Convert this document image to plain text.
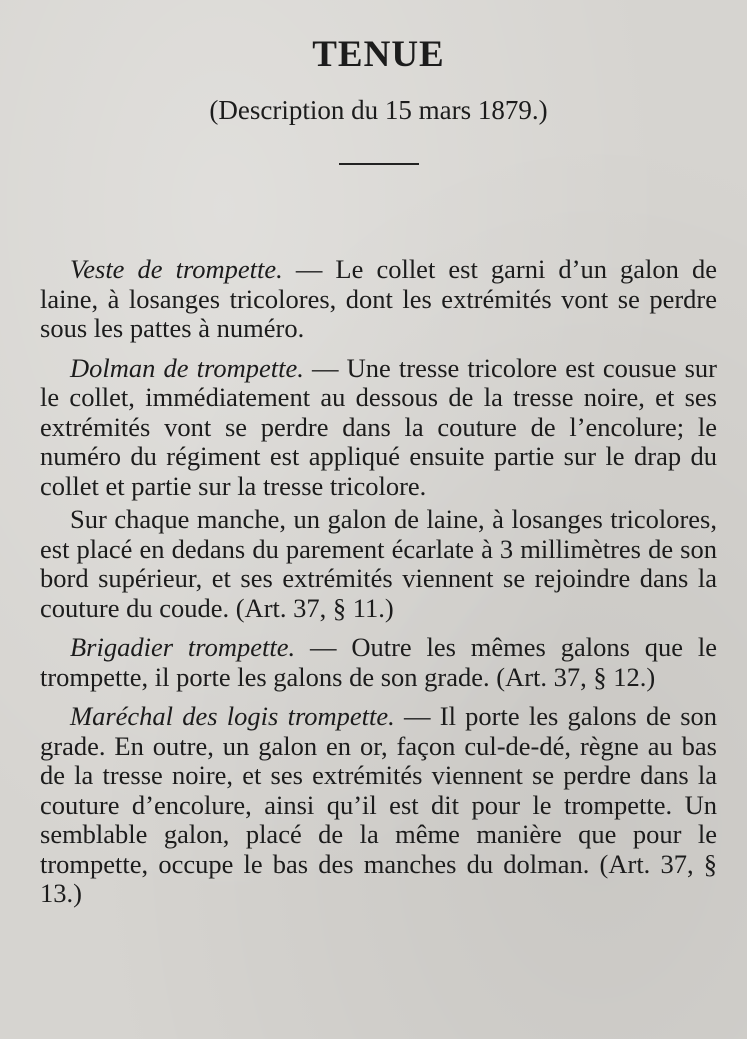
TENUE
(Description du 15 mars 1879.)

Veste de trompette. — Le collet est garni d’un galon de laine, à losanges tricolores, dont les extrémités vont se perdre sous les pattes à numéro.

Dolman de trompette. — Une tresse tricolore est cousue sur le collet, immédiatement au dessous de la tresse noire, et ses extrémités vont se perdre dans la couture de l’encolure; le numéro du régiment est appliqué ensuite partie sur le drap du collet et partie sur la tresse tricolore.

Sur chaque manche, un galon de laine, à losanges tricolores, est placé en dedans du parement écarlate à 3 millimètres de son bord supérieur, et ses extrémités viennent se rejoindre dans la couture du coude. (Art. 37, § 11.)

Brigadier trompette. — Outre les mêmes galons que le trompette, il porte les galons de son grade. (Art. 37, § 12.)

Maréchal des logis trompette. — Il porte les galons de son grade. En outre, un galon en or, façon cul-de-dé, règne au bas de la tresse noire, et ses extrémités viennent se perdre dans la couture d’encolure, ainsi qu’il est dit pour le trompette. Un semblable galon, placé de la même manière que pour le trompette, occupe le bas des manches du dolman. (Art. 37, § 13.)
